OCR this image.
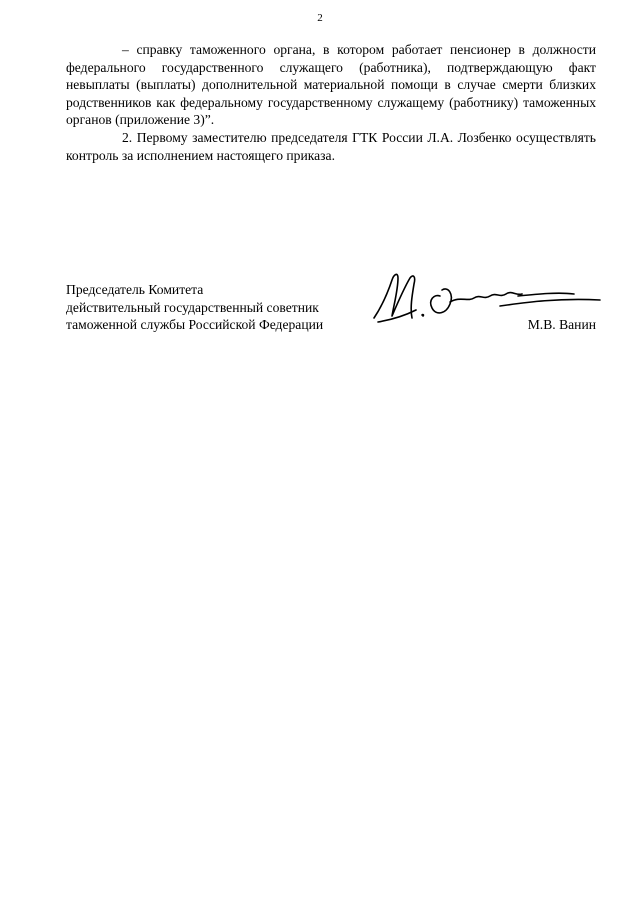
2

– справку таможенного органа, в котором работает пенсионер в должности федерального государственного служащего (работника), подтверждающую факт невыплаты (выплаты) дополнительной материальной помощи в случае смерти близких родственников как федеральному государственному служащему (работнику) таможенных органов (приложение 3)”.

2. Первому заместителю председателя ГТК России Л.А. Лозбенко осуществлять контроль за исполнением настоящего приказа.

Председатель Комитета
действительный государственный советник
таможенной службы Российской Федерации	М.В. Ванин
